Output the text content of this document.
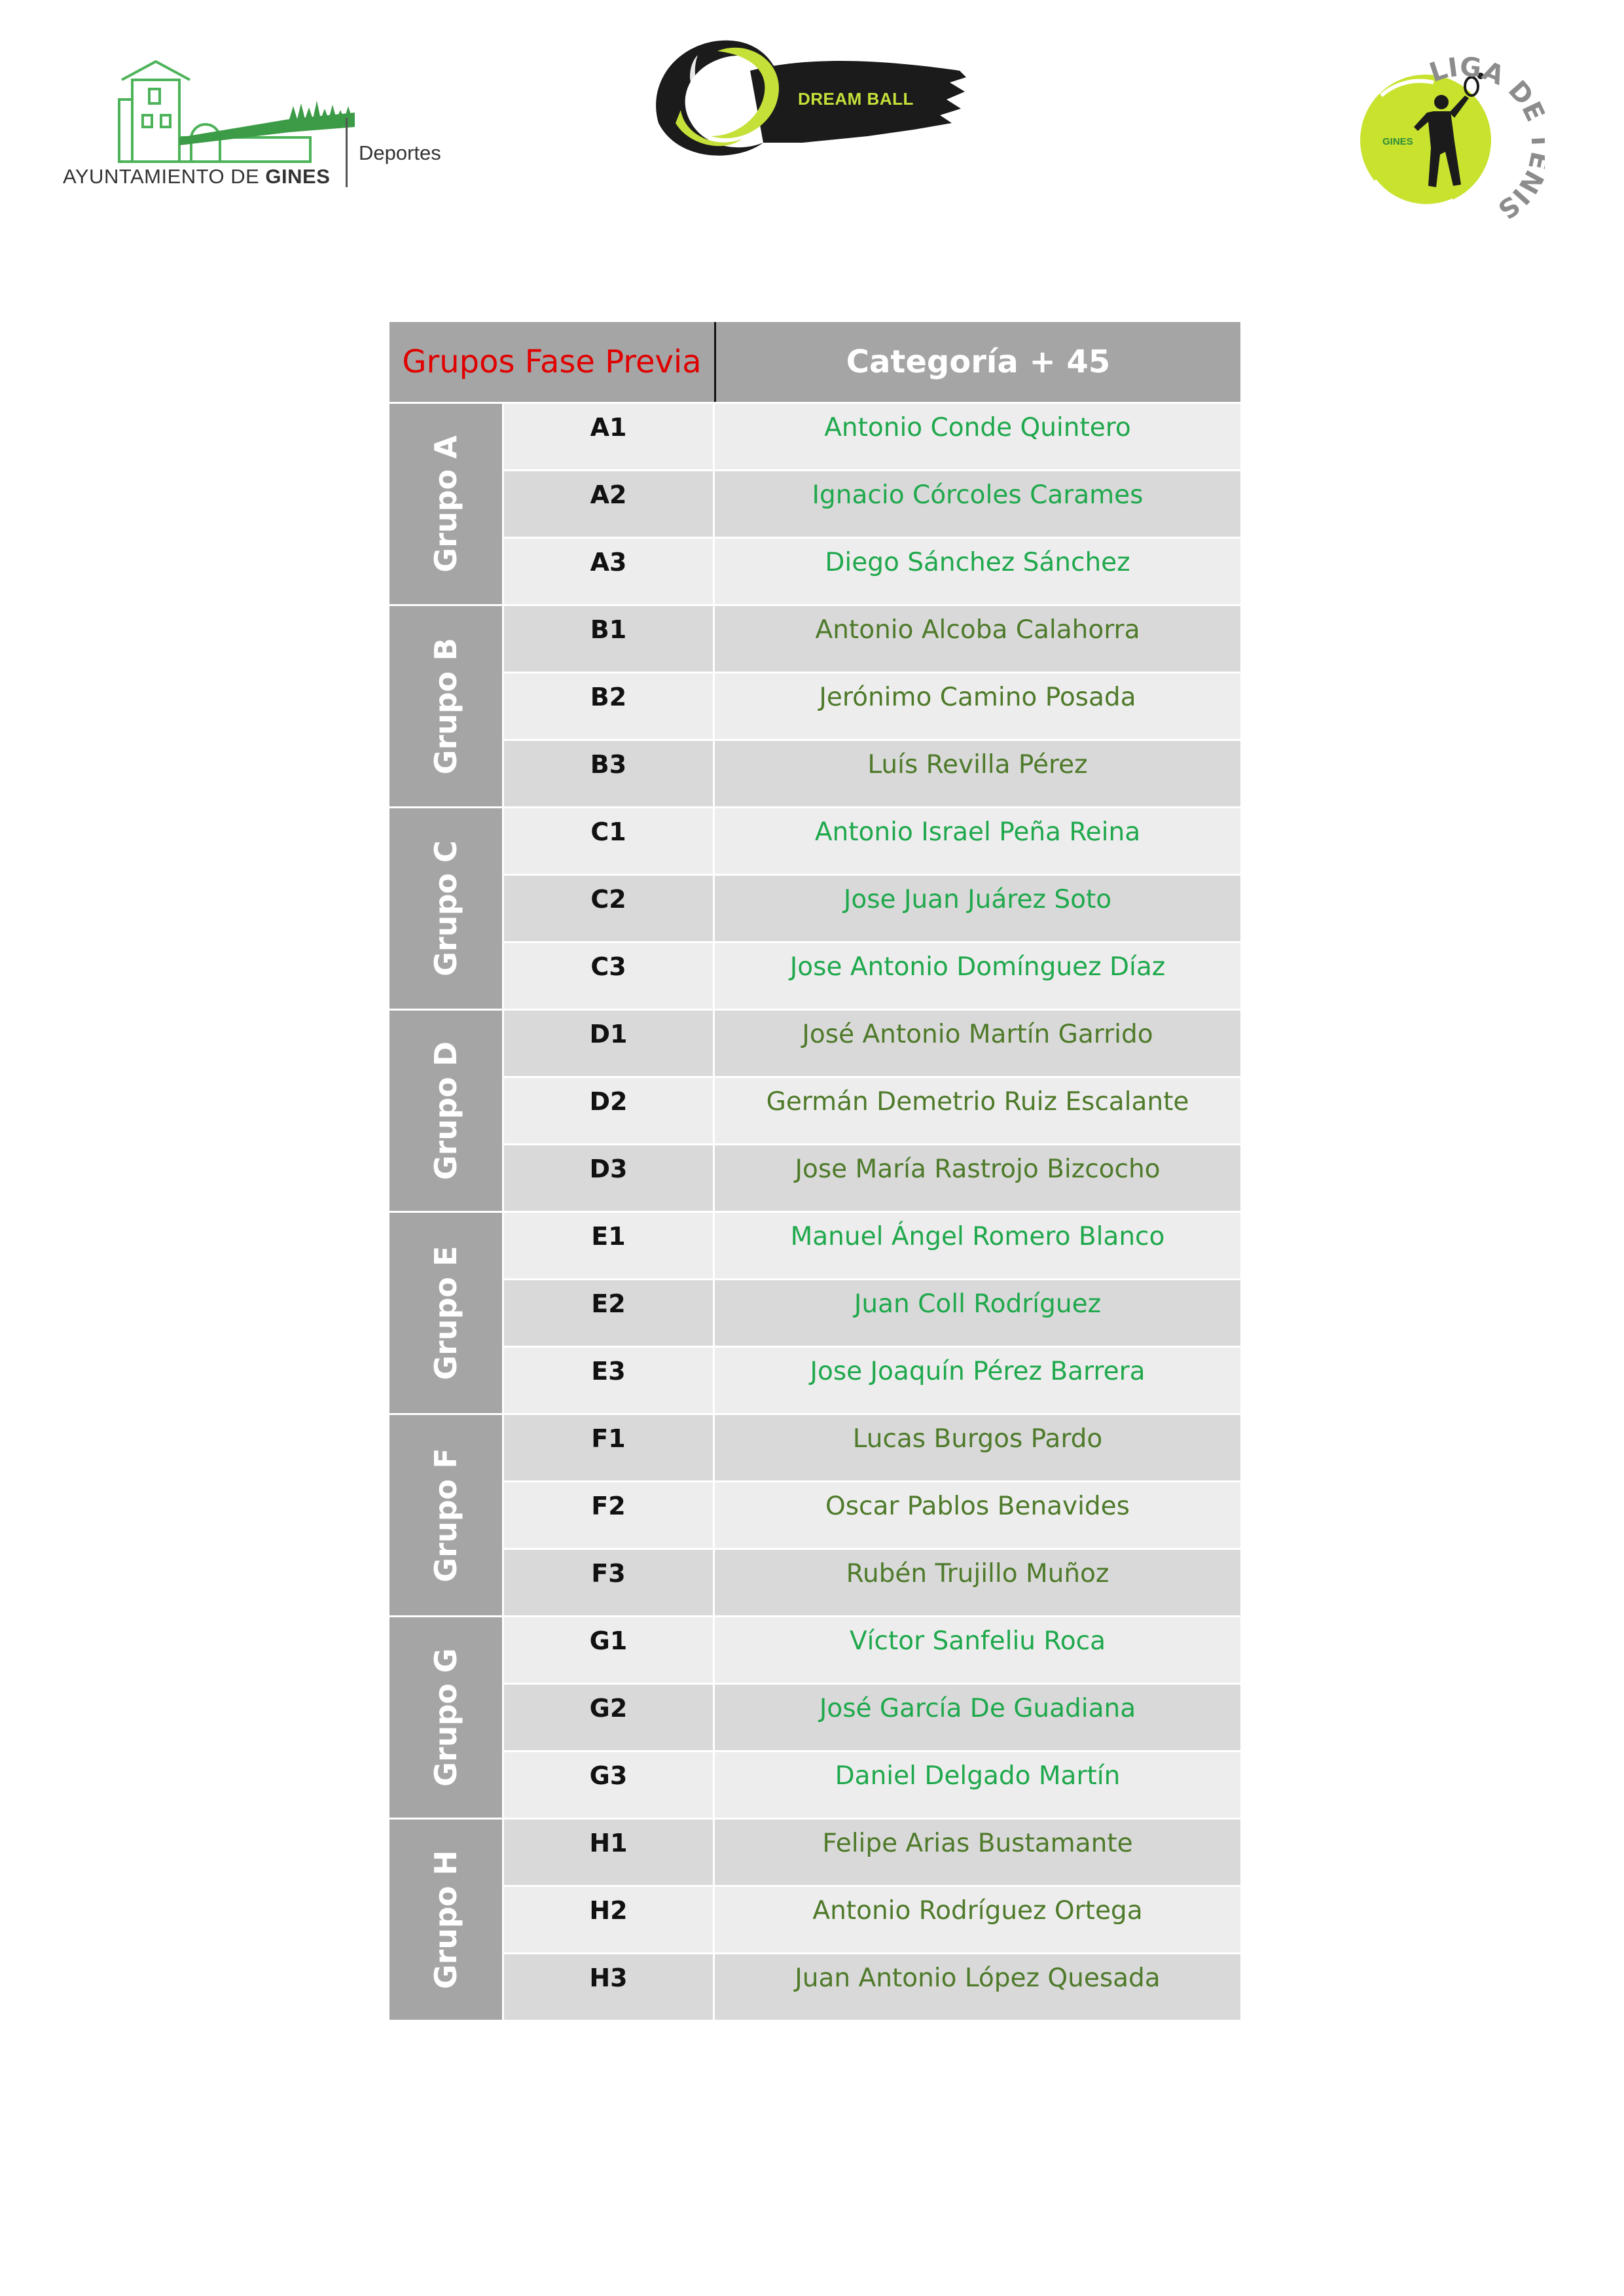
AYUNTAMIENTO DE GINES
Deportes
DREAM BALL
CLUB TENIS GINES
LIGA D IS
GINES
Grupos Fase Previa	Categoría + 45
Grupo A
A1	Antonio Conde Quintero
A2	Ignacio Córcoles Carames
A3	Diego Sánchez Sánchez
Grupo B
B1	Antonio Alcoba Calahorra
B2	Jerónimo Camino Posada
B3	Luís Revilla Pérez
Grupo C
C1	Antonio Israel Peña Reina
C2	Jose Juan Juárez Soto
C3	Jose Antonio Domínguez Díaz
Grupo D
D1	José Antonio Martín Garrido
D2	Germán Demetrio Ruiz Escalante
D3	Jose María Rastrojo Bizcocho
Grupo E
E1	Manuel Ángel Romero Blanco
E2	Juan Coll Rodríguez
E3	Jose Joaquín Pérez Barrera
Grupo F
F1	Lucas Burgos Pardo
F2	Oscar Pablos Benavides
F3	Rubén Trujillo Muñoz
Grupo G
G1	Víctor Sanfeliu Roca
G2	José García De Guadiana
G3	Daniel Delgado Martín
Grupo H
H1	Felipe Arias Bustamante
H2	Antonio Rodríguez Ortega
H3	Juan Antonio López Quesada
